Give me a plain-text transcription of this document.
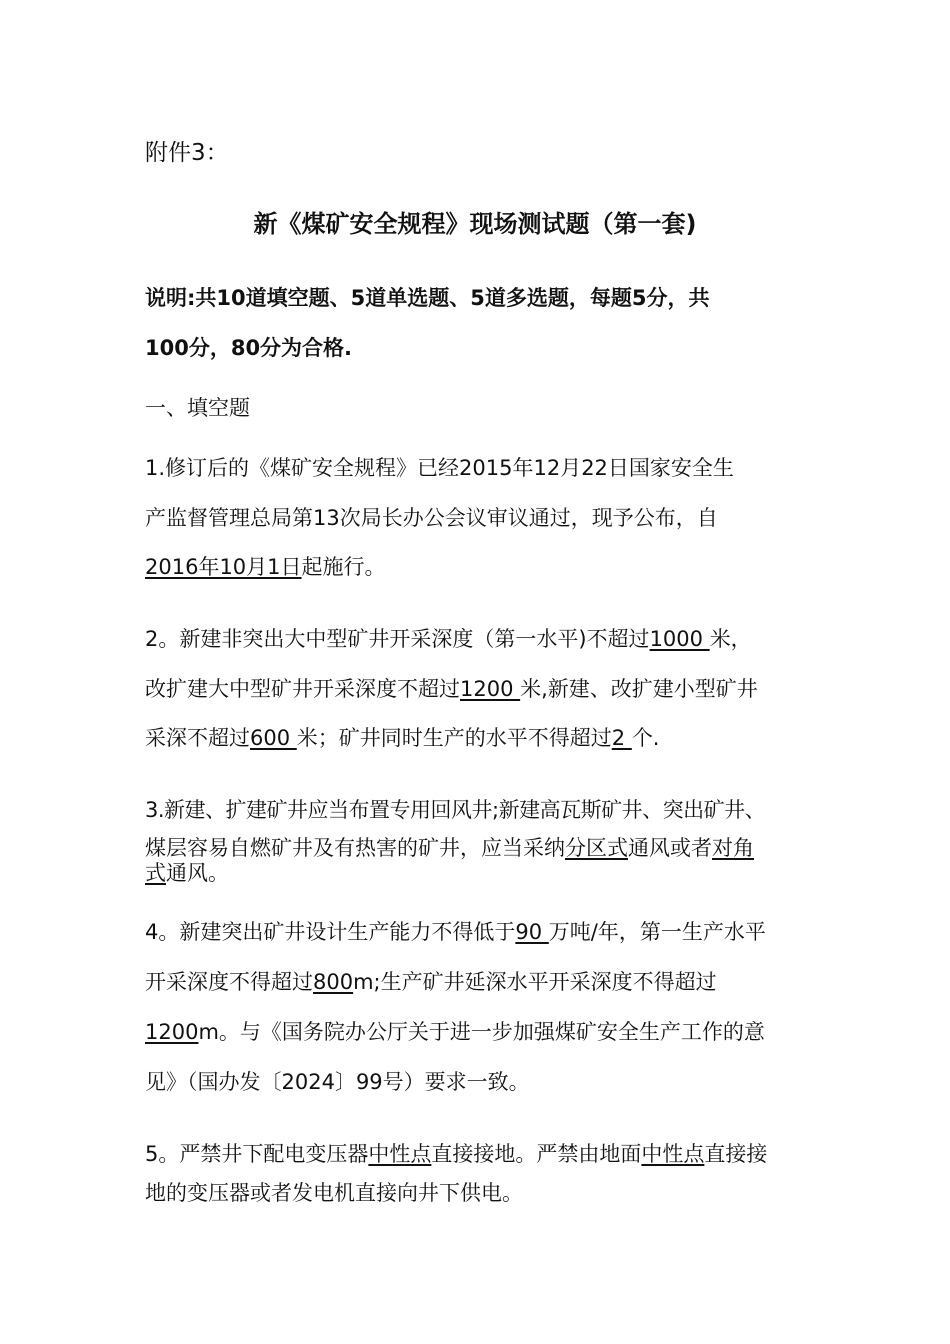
附件3：
新《煤矿安全规程》现场测试题（第一套)
说明:共10道填空题、5道单选题、5道多选题，每题5分，共
100分，80分为合格.
一、填空题
1.修订后的《煤矿安全规程》已经2015年12月22日国家安全生
产监督管理总局第13次局长办公会议审议通过，现予公布，自
2016年10月1日起施行。
2。新建非突出大中型矿井开采深度（第一水平)不超过1000 米，
改扩建大中型矿井开采深度不超过1200 米,新建、改扩建小型矿井
采深不超过600 米；矿井同时生产的水平不得超过2 个.
3.新建、扩建矿井应当布置专用回风井;新建高瓦斯矿井、突出矿井、
煤层容易自燃矿井及有热害的矿井，应当采纳分区式通风或者对角
式通风。
4。新建突出矿井设计生产能力不得低于90 万吨/年，第一生产水平
开采深度不得超过800m;生产矿井延深水平开采深度不得超过
1200m。与《国务院办公厅关于进一步加强煤矿安全生产工作的意
见》（国办发〔2024〕99号）要求一致。
5。严禁井下配电变压器中性点直接接地。严禁由地面中性点直接接
地的变压器或者发电机直接向井下供电。
